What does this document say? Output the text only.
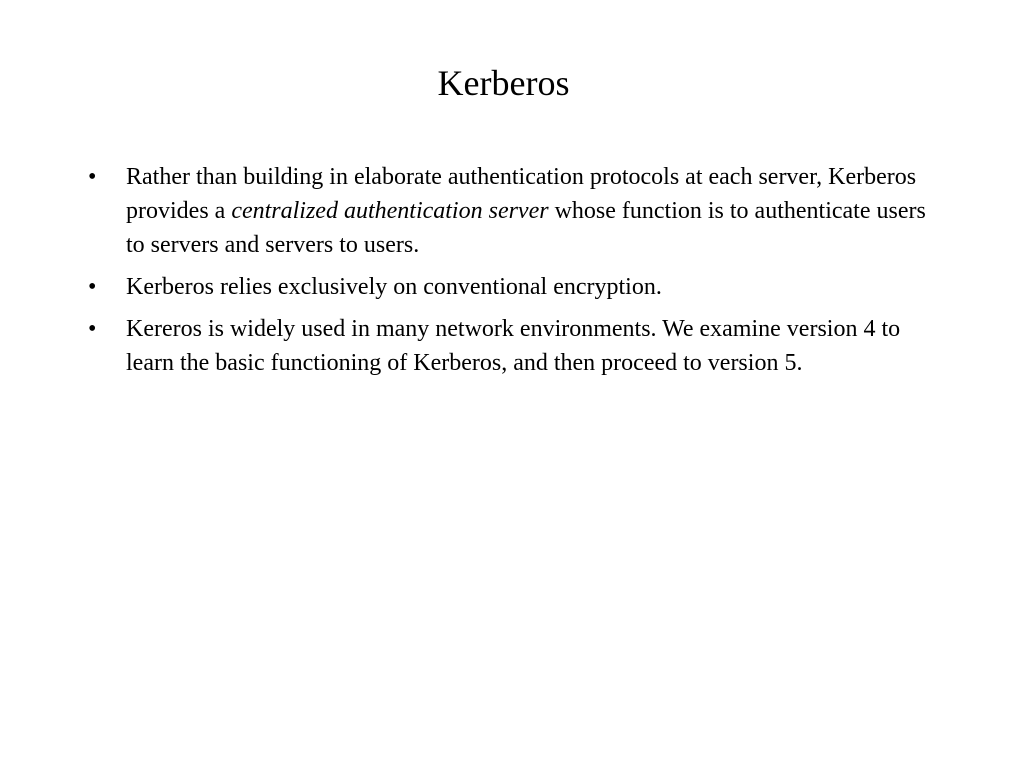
Kerberos
• Rather than building in elaborate authentication protocols at each server, Kerberos provides a centralized authentication server whose function is to authenticate users to servers and servers to users.
• Kerberos relies exclusively on conventional encryption.
• Kereros is widely used in many network environments. We examine version 4 to learn the basic functioning of Kerberos, and then proceed to version 5.
